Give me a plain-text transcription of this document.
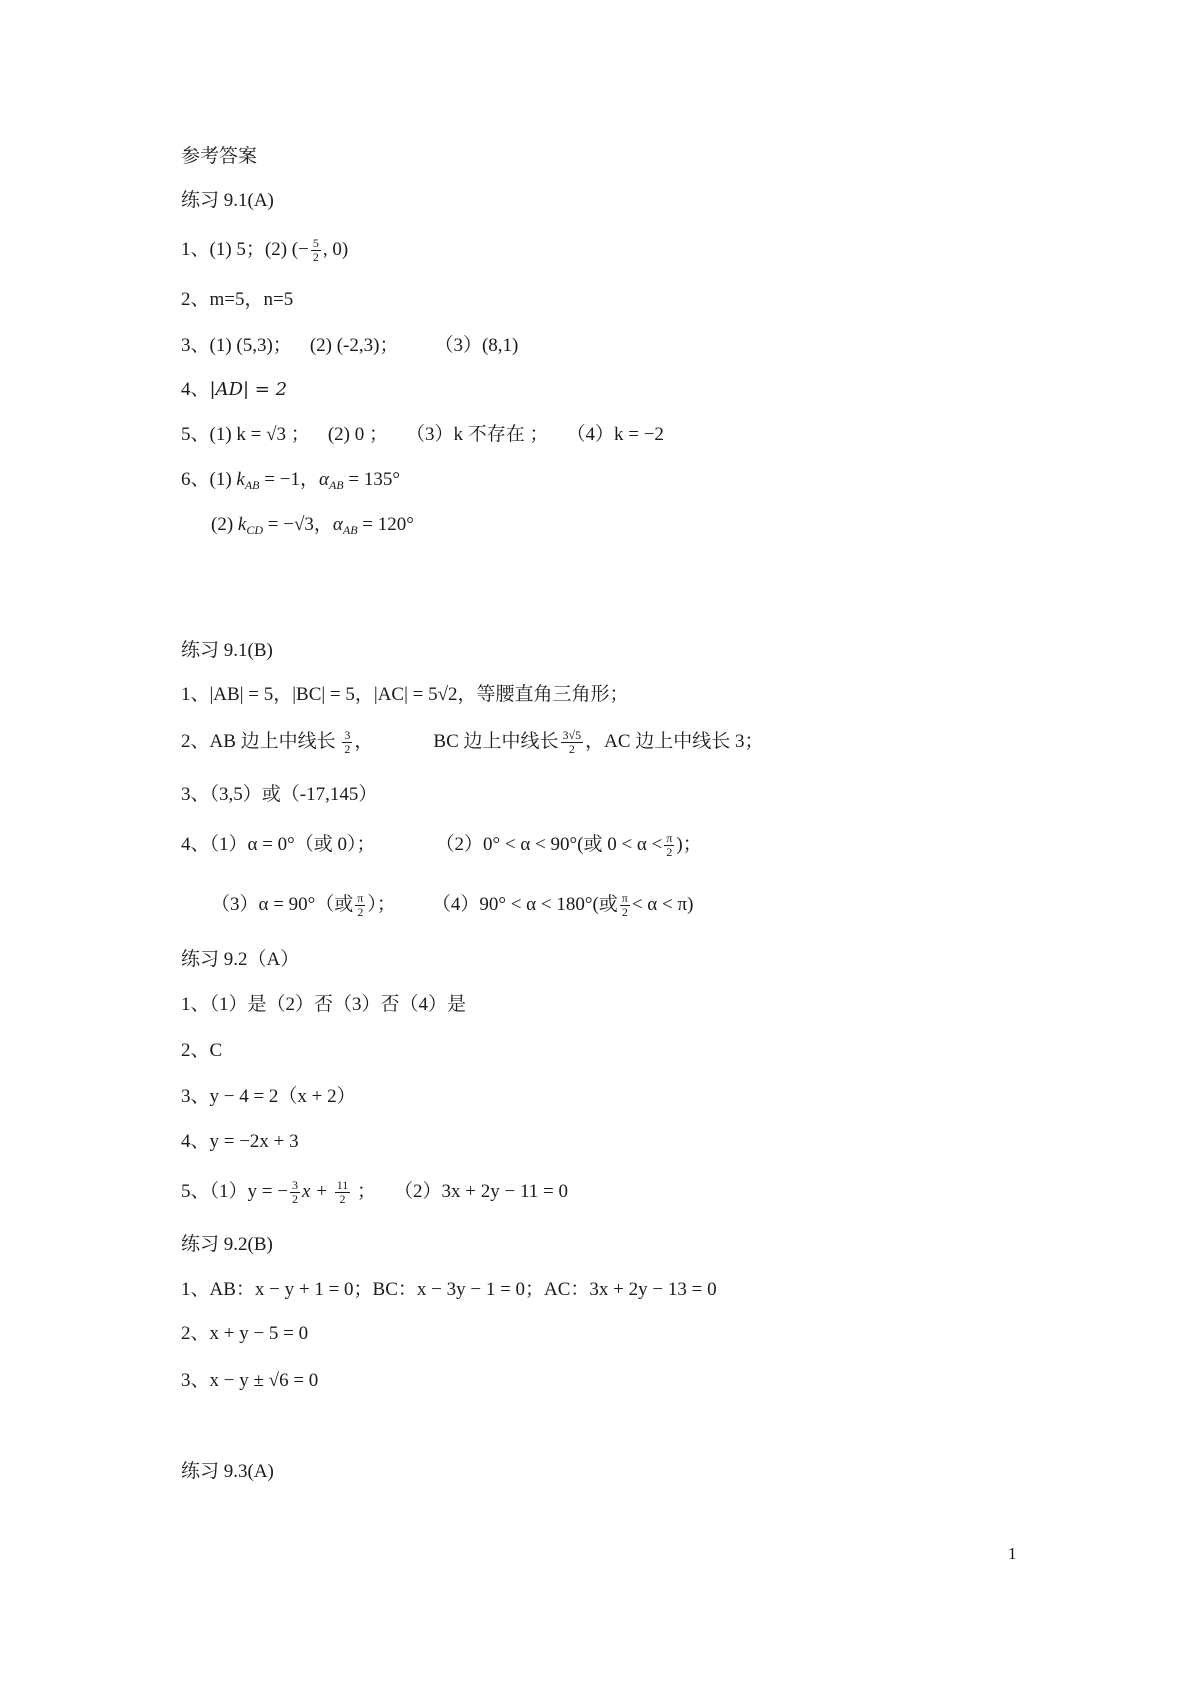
参考答案
练习 9.1(A)
1、(1) 5；(2) (− $\frac{5}{2}$ , 0)
2、m=5，n=5
3、(1) (5,3)； (2) (-2,3)； （3）(8,1)
4、|AD| = 2
5、(1) k = √3 ； (2) 0 ； （3）k 不存在 ； （4）k = −2
6、(1) $k_{AB} = -1$，$\alpha_{AB} = 135^\circ$
(2) $k_{CD} = -√3$，$\alpha_{AB} = 120^\circ$
练习 9.1(B)
1、|AB| = 5，|BC| = 5，|AC| = 5√2，等腰直角三角形；
2、AB 边上中线长 $\frac{3}{2}$ ，	BC 边上中线长 $\frac{3√5}{2}$ ，AC 边上中线长 3；
3、（3,5）或（-17,145）
4、（1）α = 0°（或 0）；	（2）0° < α < 90°(或 $0 < \alpha < \frac{\pi}{2}$ )；
（3）α = 90°（或 $\frac{\pi}{2}$ ）； （4）90° < α < 180°(或 $\frac{\pi}{2} < \alpha < \pi$)
练习 9.2（A）
1、（1）是（2）否（3）否（4）是
2、C
3、y − 4 = 2（x + 2）
4、y = −2x + 3
5、（1）y = − $\frac{3}{2}$ $x + \frac{11}{2}$ ； （2）3x + 2y − 11 = 0
练习 9.2(B)
1、AB：x − y + 1 = 0；BC：x − 3y − 1 = 0；AC：3x + 2y − 13 = 0
2、x + y − 5 = 0
3、x − y ± √6 = 0
练习 9.3(A)
1
